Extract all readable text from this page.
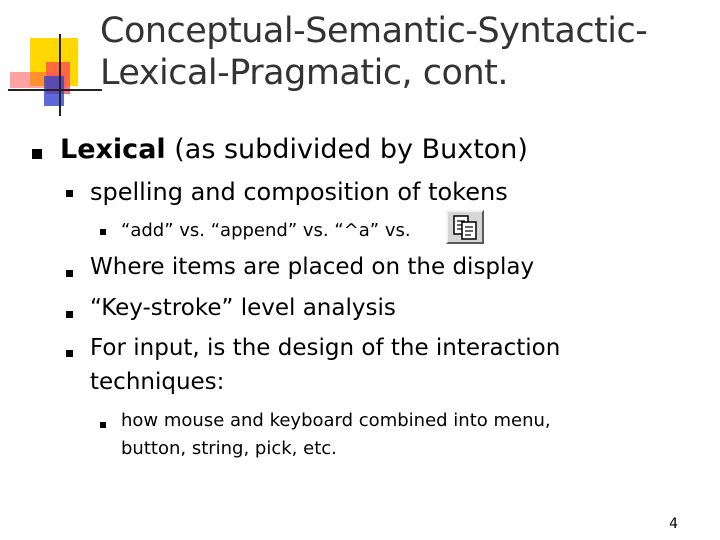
Conceptual-Semantic-Syntactic-
Lexical-Pragmatic, cont.
Lexical (as subdivided by Buxton)
spelling and composition of tokens
“add” vs. “append” vs. “^a” vs.
Where items are placed on the display
“Key-stroke” level analysis
For input, is the design of the interaction
techniques:
how mouse and keyboard combined into menu,
button, string, pick, etc.
4
